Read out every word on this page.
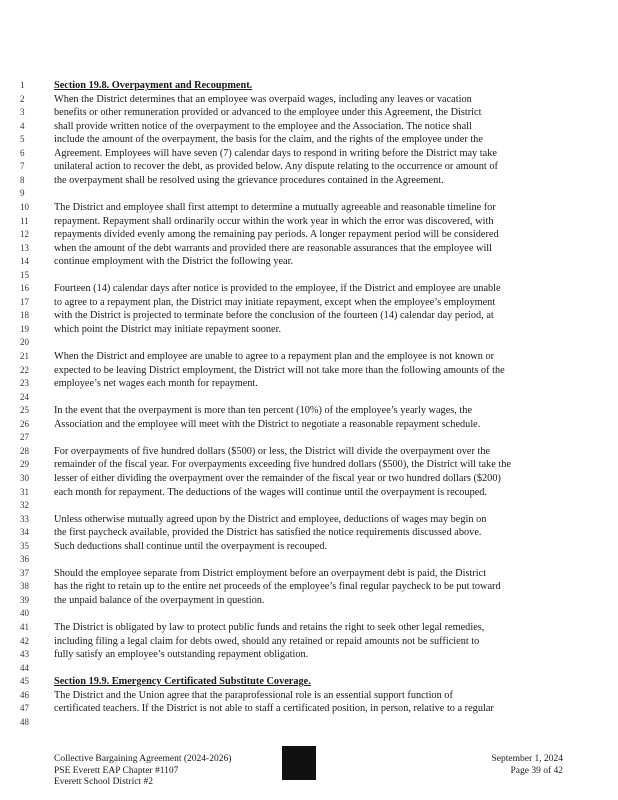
1	Section 19.8. Overpayment and Recoupment.
2	When the District determines that an employee was overpaid wages, including any leaves or vacation
3	benefits or other remuneration provided or advanced to the employee under this Agreement, the District
4	shall provide written notice of the overpayment to the employee and the Association. The notice shall
5	include the amount of the overpayment, the basis for the claim, and the rights of the employee under the
6	Agreement. Employees will have seven (7) calendar days to respond in writing before the District may take
7	unilateral action to recover the debt, as provided below. Any dispute relating to the occurrence or amount of
8	the overpayment shall be resolved using the grievance procedures contained in the Agreement.
9
10	The District and employee shall first attempt to determine a mutually agreeable and reasonable timeline for
11	repayment. Repayment shall ordinarily occur within the work year in which the error was discovered, with
12	repayments divided evenly among the remaining pay periods. A longer repayment period will be considered
13	when the amount of the debt warrants and provided there are reasonable assurances that the employee will
14	continue employment with the District the following year.
15
16	Fourteen (14) calendar days after notice is provided to the employee, if the District and employee are unable
17	to agree to a repayment plan, the District may initiate repayment, except when the employee’s employment
18	with the District is projected to terminate before the conclusion of the fourteen (14) calendar day period, at
19	which point the District may initiate repayment sooner.
20
21	When the District and employee are unable to agree to a repayment plan and the employee is not known or
22	expected to be leaving District employment, the District will not take more than the following amounts of the
23	employee’s net wages each month for repayment.
24
25	In the event that the overpayment is more than ten percent (10%) of the employee’s yearly wages, the
26	Association and the employee will meet with the District to negotiate a reasonable repayment schedule.
27
28	For overpayments of five hundred dollars ($500) or less, the District will divide the overpayment over the
29	remainder of the fiscal year. For overpayments exceeding five hundred dollars ($500), the District will take the
30	lesser of either dividing the overpayment over the remainder of the fiscal year or two hundred dollars ($200)
31	each month for repayment. The deductions of the wages will continue until the overpayment is recouped.
32
33	Unless otherwise mutually agreed upon by the District and employee, deductions of wages may begin on
34	the first paycheck available, provided the District has satisfied the notice requirements discussed above.
35	Such deductions shall continue until the overpayment is recouped.
36
37	Should the employee separate from District employment before an overpayment debt is paid, the District
38	has the right to retain up to the entire net proceeds of the employee’s final regular paycheck to be put toward
39	the unpaid balance of the overpayment in question.
40
41	The District is obligated by law to protect public funds and retains the right to seek other legal remedies,
42	including filing a legal claim for debts owed, should any retained or repaid amounts not be sufficient to
43	fully satisfy an employee’s outstanding repayment obligation.
44
45	Section 19.9. Emergency Certificated Substitute Coverage.
46	The District and the Union agree that the paraprofessional role is an essential support function of
47	certificated teachers. If the District is not able to staff a certificated position, in person, relative to a regular
48
Collective Bargaining Agreement (2024-2026)
PSE Everett EAP Chapter #1107
Everett School District #2
September 1, 2024
Page 39 of 42
